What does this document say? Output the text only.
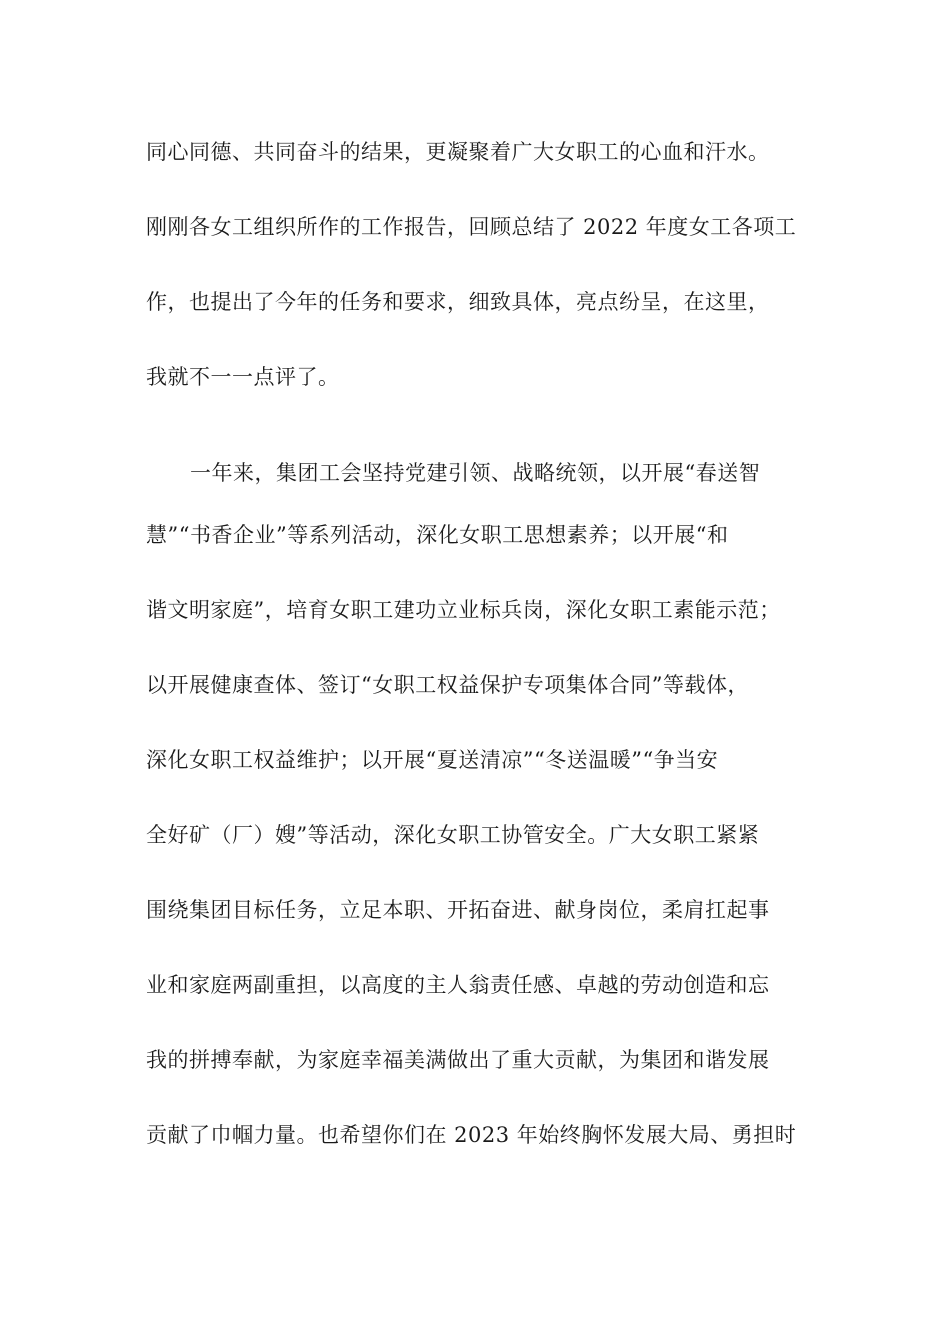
同心同德、共同奋斗的结果，更凝聚着广大女职工的心血和汗水。
刚刚各女工组织所作的工作报告，回顾总结了 2022 年度女工各项工
作，也提出了今年的任务和要求，细致具体，亮点纷呈，在这里，
我就不一一点评了。
一年来，集团工会坚持党建引领、战略统领，以开展“春送智
慧”“书香企业”等系列活动，深化女职工思想素养；以开展“和
谐文明家庭”，培育女职工建功立业标兵岗，深化女职工素能示范；
以开展健康查体、签订“女职工权益保护专项集体合同”等载体，
深化女职工权益维护；以开展“夏送清凉”“冬送温暖”“争当安
全好矿（厂）嫂”等活动，深化女职工协管安全。广大女职工紧紧
围绕集团目标任务，立足本职、开拓奋进、献身岗位，柔肩扛起事
业和家庭两副重担，以高度的主人翁责任感、卓越的劳动创造和忘
我的拼搏奉献，为家庭幸福美满做出了重大贡献，为集团和谐发展
贡献了巾帼力量。也希望你们在 2023 年始终胸怀发展大局、勇担时
